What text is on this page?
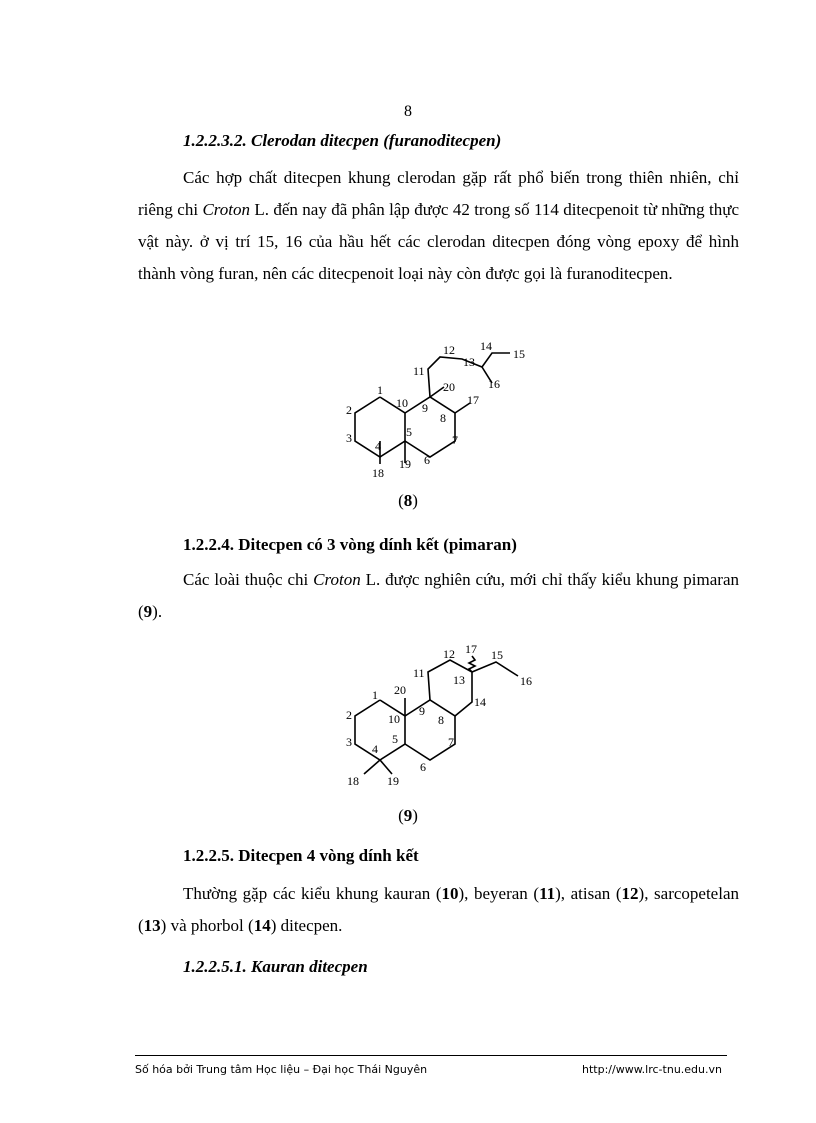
8
1.2.2.3.2. Clerodan ditecpen (furanoditecpen)
Các hợp chất ditecpen khung clerodan gặp rất phổ biến trong thiên nhiên, chỉ riêng chi Croton L. đến nay đã phân lập được 42 trong số 114 ditecpenoit từ những thực vật này. ở vị trí 15, 16 của hầu hết các clerodan ditecpen đóng vòng epoxy để hình thành vòng furan, nên các ditecpenoit loại này còn được gọi là furanoditecpen.
1
2
3
4
5
6
7
8
9
10
11
12
13
14
15
16
17
18
19
20
(8)
1.2.2.4. Ditecpen có 3 vòng dính kết (pimaran)
Các loài thuộc chi Croton L. được nghiên cứu, mới chỉ thấy kiểu khung pimaran (9).
1
2
3 4
5
6
7
8
9
10
11
12
13
14
15
16
17
18 19
20
(9)
1.2.2.5. Ditecpen 4 vòng dính kết
Thường gặp các kiểu khung kauran (10), beyeran (11), atisan (12), sarcopetelan (13) và phorbol (14) ditecpen.
1.2.2.5.1. Kauran ditecpen
Số hóa bởi Trung tâm Học liệu – Đại học Thái Nguyên	http://www.lrc-tnu.edu.vn
